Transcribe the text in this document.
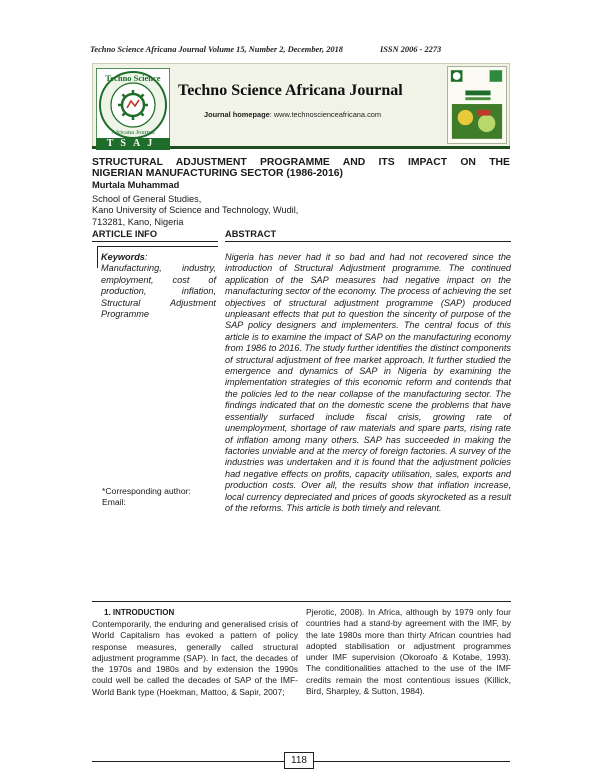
Techno Science Africana Journal Volume 15, Number 2, December, 2018	ISSN 2006 - 2273
Techno Science
Africana Journal
TSAJ
Techno Science Africana Journal
Journal homepage: www.technoscienceafricana.com
STRUCTURAL ADJUSTMENT PROGRAMME AND ITS IMPACT ON THE
NIGERIAN MANUFACTURING SECTOR (1986-2016)
Murtala Muhammad
School of General Studies,
Kano University of Science and Technology, Wudil,
713281, Kano, Nigeria
ARTICLE INFO	ABSTRACT
Keywords:
Manufacturing, industry, employment, cost of production, inflation, Structural Adjustment Programme
*Corresponding author:
Email:
Nigeria has never had it so bad and had not recovered since the introduction of Structural Adjustment programme. The continued application of the SAP measures had negative impact on the manufacturing sector of the economy. The process of achieving the set objectives of structural adjustment programme (SAP) produced unpleasant effects that put to question the sincerity of purpose of the SAP policy designers and implementers. The central focus of this article is to examine the impact of SAP on the manufacturing economy from 1986 to 2016. The study further identifies the distinct components of structural adjustment of free market approach. It further studied the emergence and dynamics of SAP in Nigeria by examining the implementation strategies of this economic reform and contends that the policies led to the near collapse of the manufacturing sector. The findings indicated that on the domestic scene the problems that have essentially surfaced include fiscal crisis, growing rate of unemployment, shortage of raw materials and spare parts, rising rate of inflation among many others. SAP has succeeded in making the factories unviable and at the mercy of foreign factories. A survey of the industries was undertaken and it is found that the adjustment policies had negative effects on profits, capacity utilisation, sales, exports and production costs. Over all, the results show that inflation increase, local currency depreciated and prices of goods skyrocketed as a result of the reforms. This article is both timely and relevant.
1. INTRODUCTION
Contemporarily, the enduring and generalised crisis of World Capitalism has evoked a pattern of policy response measures, generally called structural adjustment programme (SAP). In fact, the decades of the 1970s and 1980s and by extension the 1990s could well be called the decades of SAP of the IMF-World Bank type (Hoekman, Mattoo, & Sapir, 2007;
Pjerotic, 2008). In Africa, although by 1979 only four countries had a stand-by agreement with the IMF, by the late 1980s more than thirty African countries had adopted stabilisation or adjustment programmes under IMF supervision (Okoroafo & Kotabe, 1993). The conditionalities attached to the use of the IMF credits remain the most contentious issues (Killick, Bird, Sharpley, & Sutton, 1984).
118
